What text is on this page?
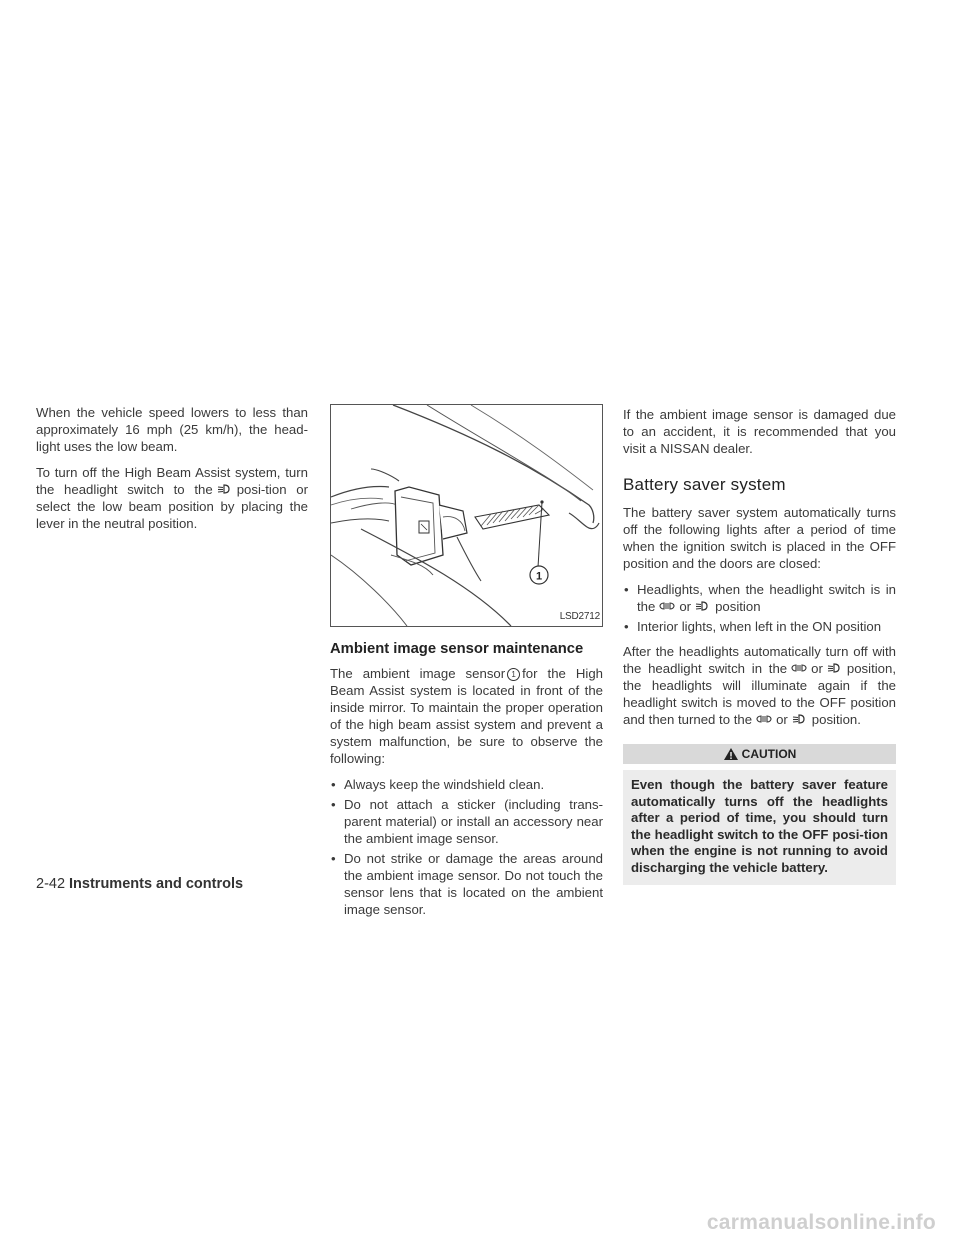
When the vehicle speed lowers to less than approximately 16 mph (25 km/h), the head-light uses the low beam.

To turn off the High Beam Assist system, turn the headlight switch to the posi-tion or select the low beam position by placing the lever in the neutral position.

1
LSD2712
Ambient image sensor maintenance

The ambient image sensor 1 for the High Beam Assist system is located in front of the inside mirror. To maintain the proper operation of the high beam assist system and prevent a system malfunction, be sure to observe the following:

• Always keep the windshield clean.
• Do not attach a sticker (including trans-parent material) or install an accessory near the ambient image sensor.
• Do not strike or damage the areas around the ambient image sensor. Do not touch the sensor lens that is located on the ambient image sensor.

If the ambient image sensor is damaged due to an accident, it is recommended that you visit a NISSAN dealer.

Battery saver system

The battery saver system automatically turns off the following lights after a period of time when the ignition switch is placed in the OFF position and the doors are closed:

• Headlights, when the headlight switch is in the or position
• Interior lights, when left in the ON position

After the headlights automatically turn off with the headlight switch in the or position, the headlights will illuminate again if the headlight switch is moved to the OFF position and then turned to the or position.

CAUTION
Even though the battery saver feature automatically turns off the headlights after a period of time, you should turn the headlight switch to the OFF posi-tion when the engine is not running to avoid discharging the vehicle battery.
2-42 Instruments and controls
carmanualsonline.info
